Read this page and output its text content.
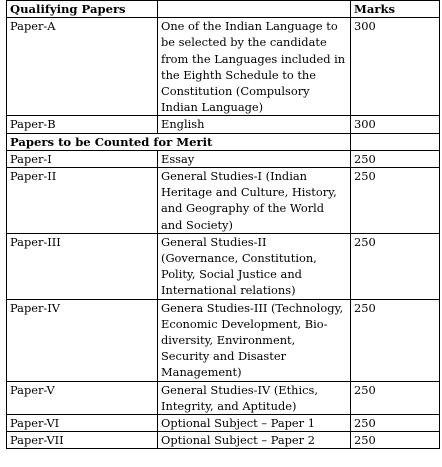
Qualifying Papers		Marks
Paper-A	One of the Indian Language to be selected by the candidate from the Languages included in the Eighth Schedule to the Constitution (Compulsory Indian Language)	300
Paper-B	English	300
Papers to be Counted for Merit		
Paper-I	Essay	250
Paper-II	General Studies-I (Indian Heritage and Culture, History, and Geography of the World and Society)	250
Paper-III	General Studies-II (Governance, Constitution, Polity, Social Justice and International relations)	250
Paper-IV	Genera Studies-III (Technology, Economic Development, Bio-diversity, Environment, Security and Disaster Management)	250
Paper-V	General Studies-IV (Ethics, Integrity, and Aptitude)	250
Paper-VI	Optional Subject – Paper 1	250
Paper-VII	Optional Subject – Paper 2	250
